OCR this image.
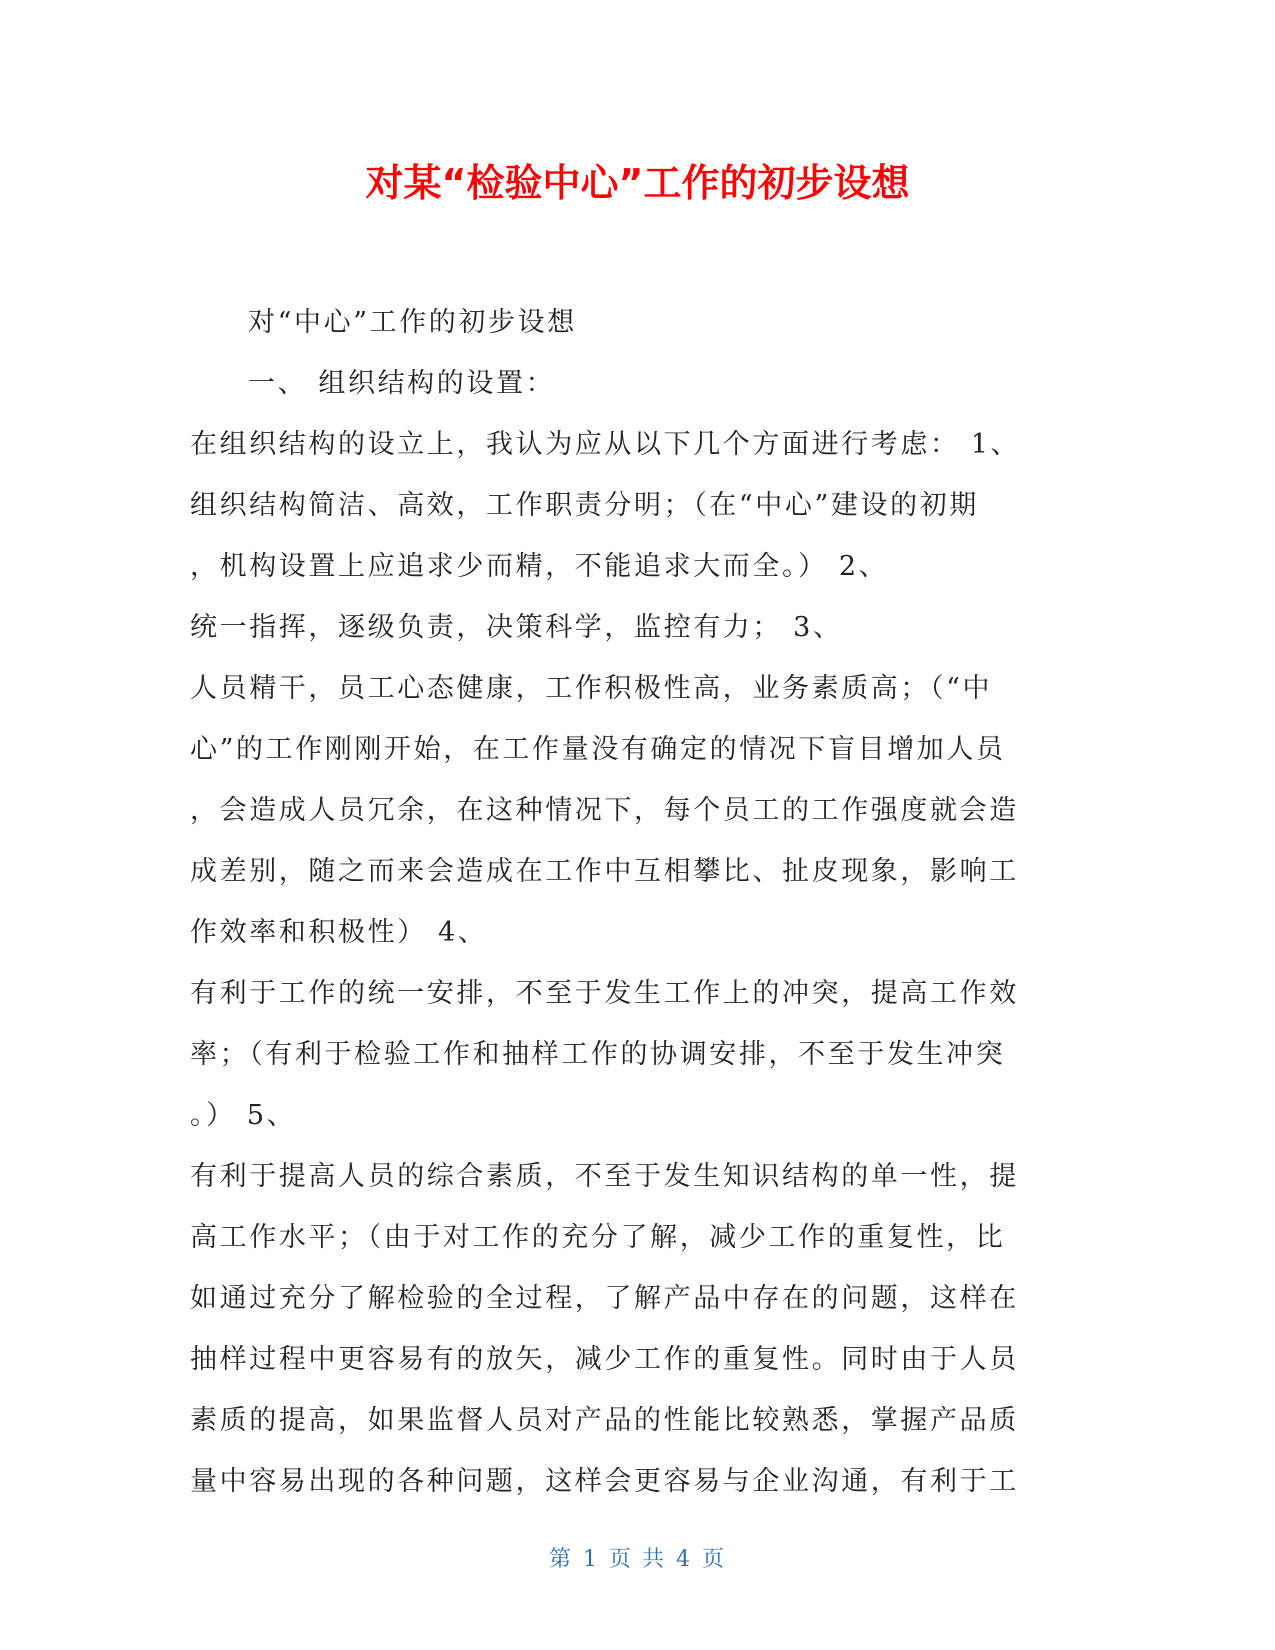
对某“检验中心”工作的初步设想
对“中心”工作的初步设想
一、 组织结构的设置：
在组织结构的设立上，我认为应从以下几个方面进行考虑： 1、
组织结构简洁、高效，工作职责分明；（在“中心”建设的初期
，机构设置上应追求少而精，不能追求大而全。） 2、
统一指挥，逐级负责，决策科学，监控有力； 3、
人员精干，员工心态健康，工作积极性高，业务素质高；（“中
心”的工作刚刚开始，在工作量没有确定的情况下盲目增加人员
，会造成人员冗余，在这种情况下，每个员工的工作强度就会造
成差别，随之而来会造成在工作中互相攀比、扯皮现象，影响工
作效率和积极性） 4、
有利于工作的统一安排，不至于发生工作上的冲突，提高工作效
率；（有利于检验工作和抽样工作的协调安排，不至于发生冲突
。） 5、
有利于提高人员的综合素质，不至于发生知识结构的单一性，提
高工作水平；（由于对工作的充分了解，减少工作的重复性，比
如通过充分了解检验的全过程，了解产品中存在的问题，这样在
抽样过程中更容易有的放矢，减少工作的重复性。同时由于人员
素质的提高，如果监督人员对产品的性能比较熟悉，掌握产品质
量中容易出现的各种问题，这样会更容易与企业沟通，有利于工
第 1 页 共 4 页
